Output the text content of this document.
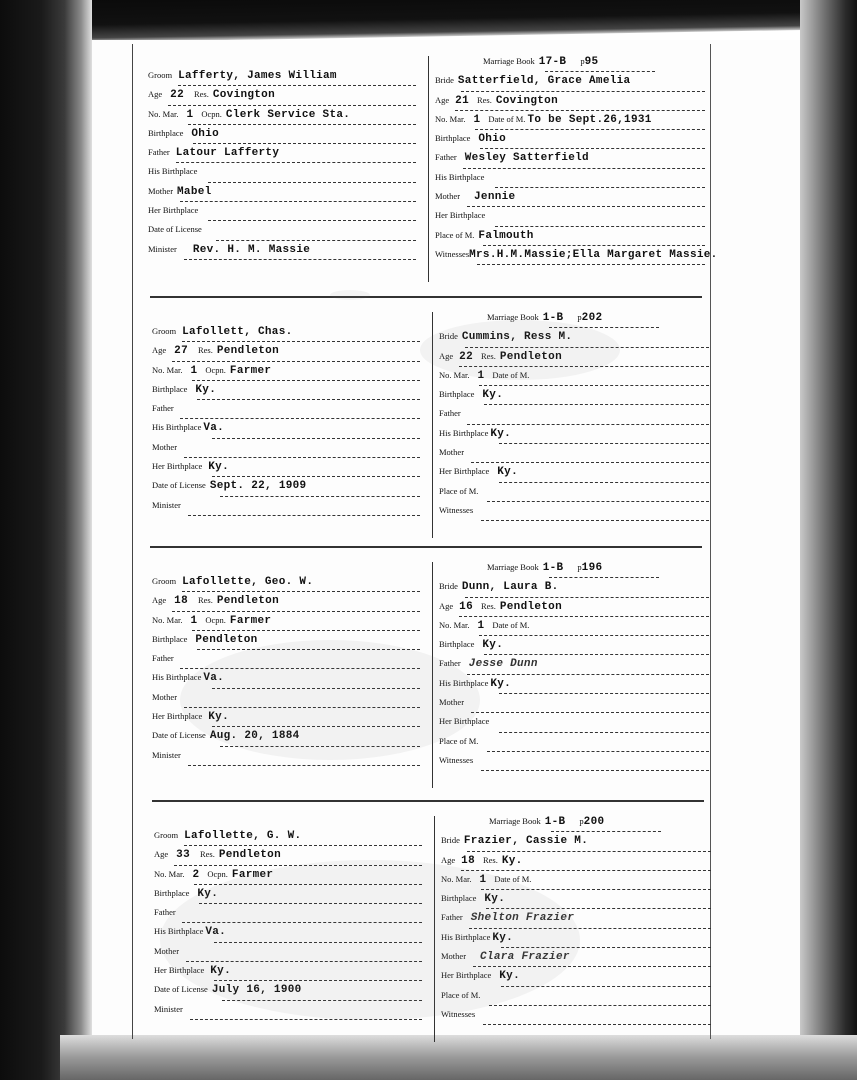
Groom Lafferty, James William
Age 22 Res. Covington
No. Mar. 1 Ocpn. Clerk Service Sta.
Birthplace Ohio
Father Latour Lafferty
His Birthplace
Mother Mabel
Her Birthplace
Date of License
Minister Rev. H. M. Massie
Marriage Book 17-B p95
Bride Satterfield, Grace Amelia
Age 21 Res. Covington
No. Mar. 1 Date of M. To be Sept.26,1931
Birthplace Ohio
Father Wesley Satterfield
His Birthplace
Mother Jennie
Her Birthplace
Place of M. Falmouth
WitnessesMrs.H.M.Massie;Ella Margaret Massie.
Groom Lafollett, Chas.
Age 27 Res. Pendleton
No. Mar. 1 Ocpn. Farmer
Birthplace Ky.
Father
His Birthplace Va.
Mother
Her Birthplace Ky.
Date of License Sept. 22, 1909
Minister
Marriage Book 1-B p202
Bride Cummins, Ress M.
Age 22 Res. Pendleton
No. Mar. 1 Date of M.
Birthplace Ky.
Father
His Birthplace Ky.
Mother
Her Birthplace Ky.
Place of M.
Witnesses
Groom Lafollette, Geo. W.
Age 18 Res. Pendleton
No. Mar. 1 Ocpn. Farmer
Birthplace Pendleton
Father
His Birthplace Va.
Mother
Her Birthplace Ky.
Date of License Aug. 20, 1884
Minister
Marriage Book 1-B p196
Bride Dunn, Laura B.
Age 16 Res. Pendleton
No. Mar. 1 Date of M.
Birthplace Ky.
Father Jesse Dunn
His Birthplace Ky.
Mother
Her Birthplace
Place of M.
Witnesses
Groom Lafollette, G. W.
Age 33 Res. Pendleton
No. Mar. 2 Ocpn. Farmer
Birthplace Ky.
Father
His Birthplace Va.
Mother
Her Birthplace Ky.
Date of License July 16, 1900
Minister
Marriage Book 1-B p200
Bride Frazier, Cassie M.
Age 18 Res. Ky.
No. Mar. 1 Date of M.
Birthplace Ky.
Father Shelton Frazier
His Birthplace Ky.
Mother Clara Frazier
Her Birthplace Ky.
Place of M.
Witnesses
